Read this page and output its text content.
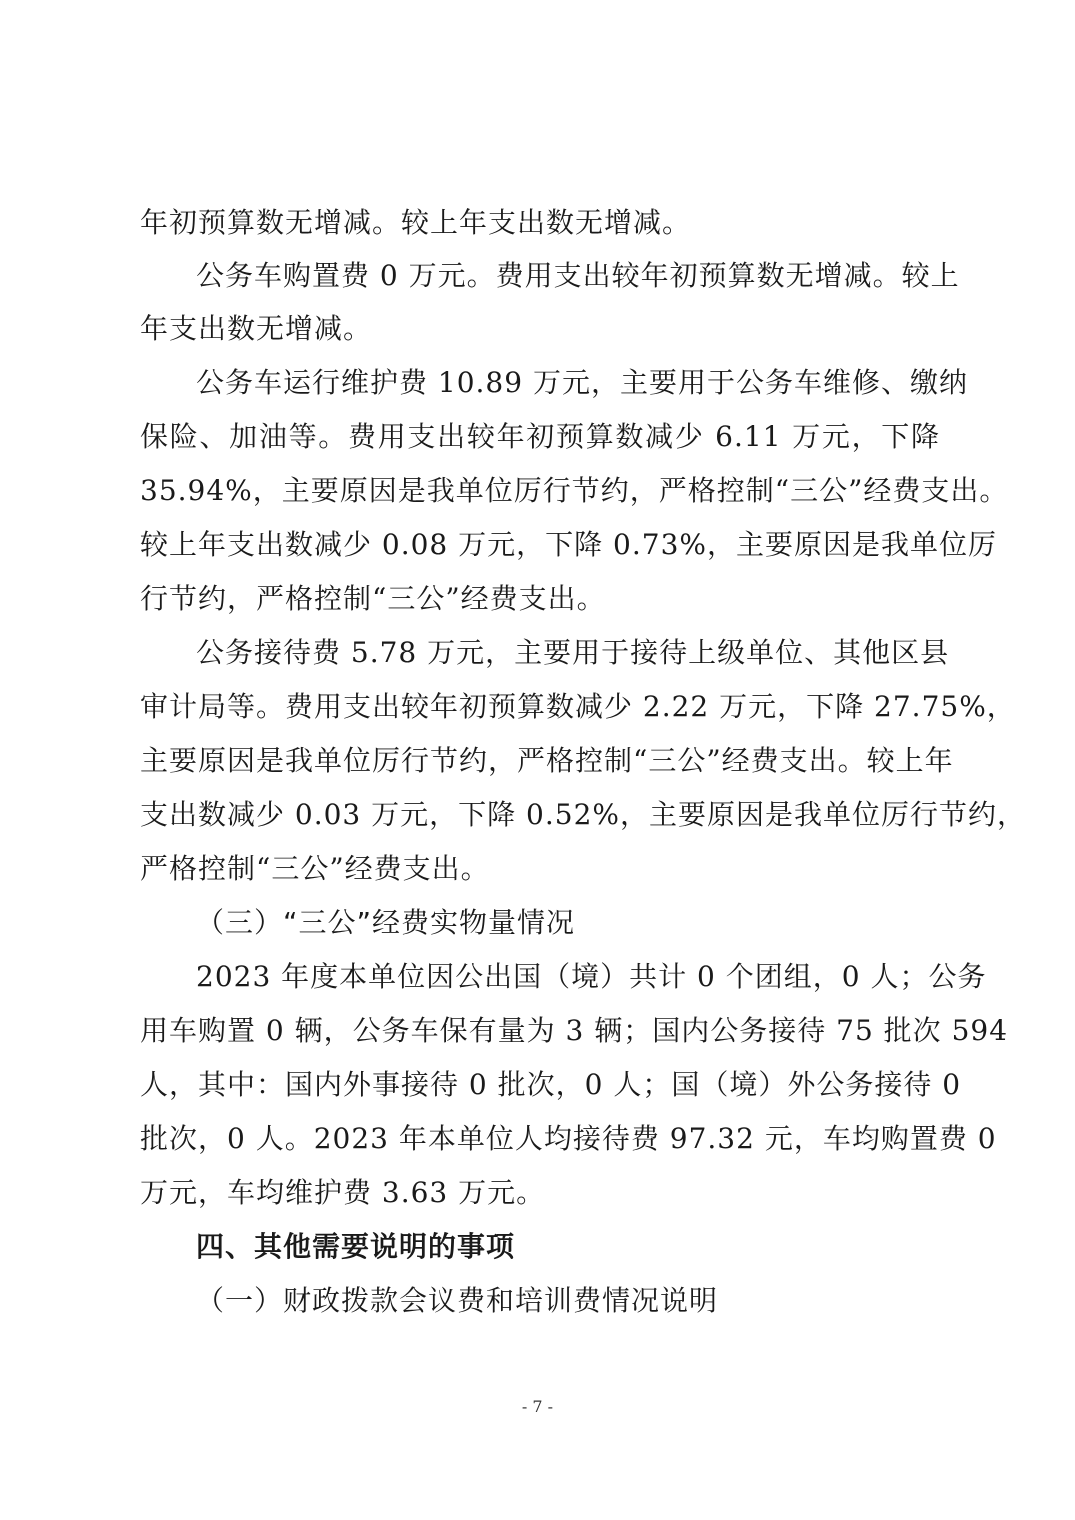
年初预算数无增减。较上年支出数无增减。
公务车购置费 0 万元。费用支出较年初预算数无增减。较上
年支出数无增减。
公务车运行维护费 10.89 万元，主要用于公务车维修、缴纳
保险、加油等。费用支出较年初预算数减少 6.11 万元，下降
35.94%，主要原因是我单位厉行节约，严格控制“三公”经费支出。
较上年支出数减少 0.08 万元，下降 0.73%，主要原因是我单位厉
行节约，严格控制“三公”经费支出。
公务接待费 5.78 万元，主要用于接待上级单位、其他区县
审计局等。费用支出较年初预算数减少 2.22 万元，下降 27.75%，
主要原因是我单位厉行节约，严格控制“三公”经费支出。较上年
支出数减少 0.03 万元，下降 0.52%，主要原因是我单位厉行节约，
严格控制“三公”经费支出。
（三）“三公”经费实物量情况
2023 年度本单位因公出国（境）共计 0 个团组，0 人；公务
用车购置 0 辆，公务车保有量为 3 辆；国内公务接待 75 批次 594
人，其中：国内外事接待 0 批次，0 人；国（境）外公务接待 0
批次，0 人。2023 年本单位人均接待费 97.32 元，车均购置费 0
万元，车均维护费 3.63 万元。
四、其他需要说明的事项
（一）财政拨款会议费和培训费情况说明
- 7 -
